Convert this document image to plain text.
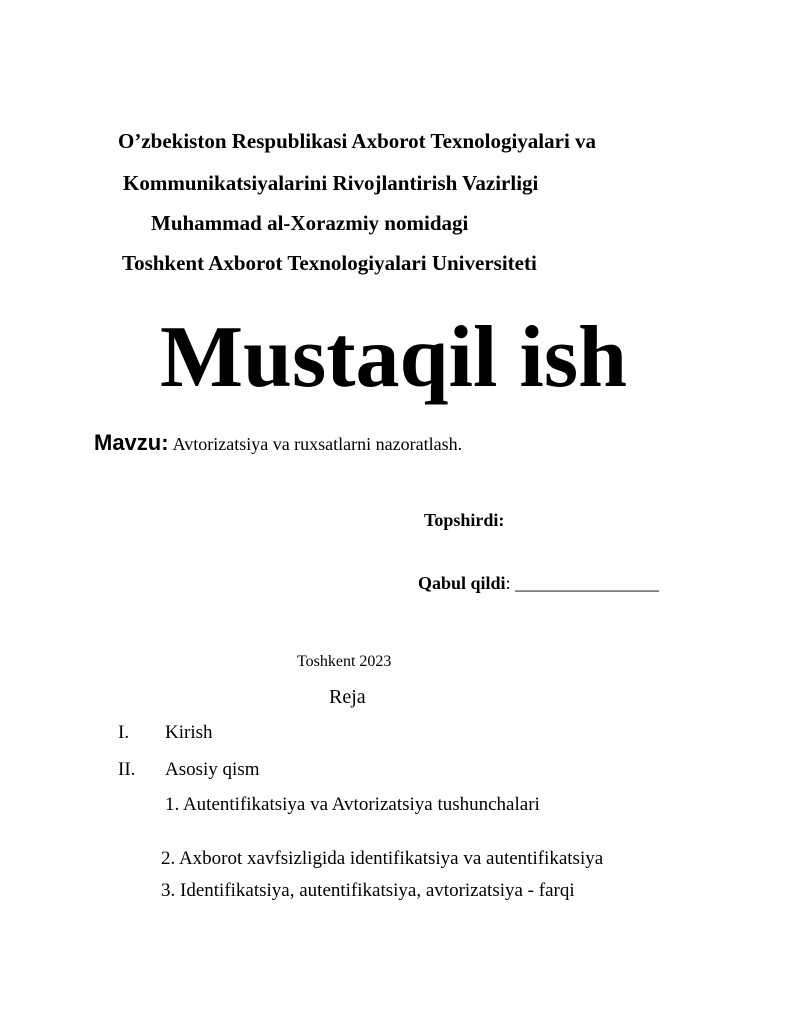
O’zbekiston Respublikasi Axborot Texnologiyalari va
Kommunikatsiyalarini Rivojlantirish Vazirligi
Muhammad al-Xorazmiy nomidagi
Toshkent Axborot Texnologiyalari Universiteti
Mustaqil ish
Mavzu: Avtorizatsiya va ruxsatlarni nazoratlash.
Topshirdi:
Qabul qildi: ________________
Toshkent 2023
Reja
I. Kirish
II. Asosiy qism
1. Autentifikatsiya va Avtorizatsiya tushunchalari
2. Axborot xavfsizligida identifikatsiya va autentifikatsiya
3. Identifikatsiya, autentifikatsiya, avtorizatsiya - farqi
